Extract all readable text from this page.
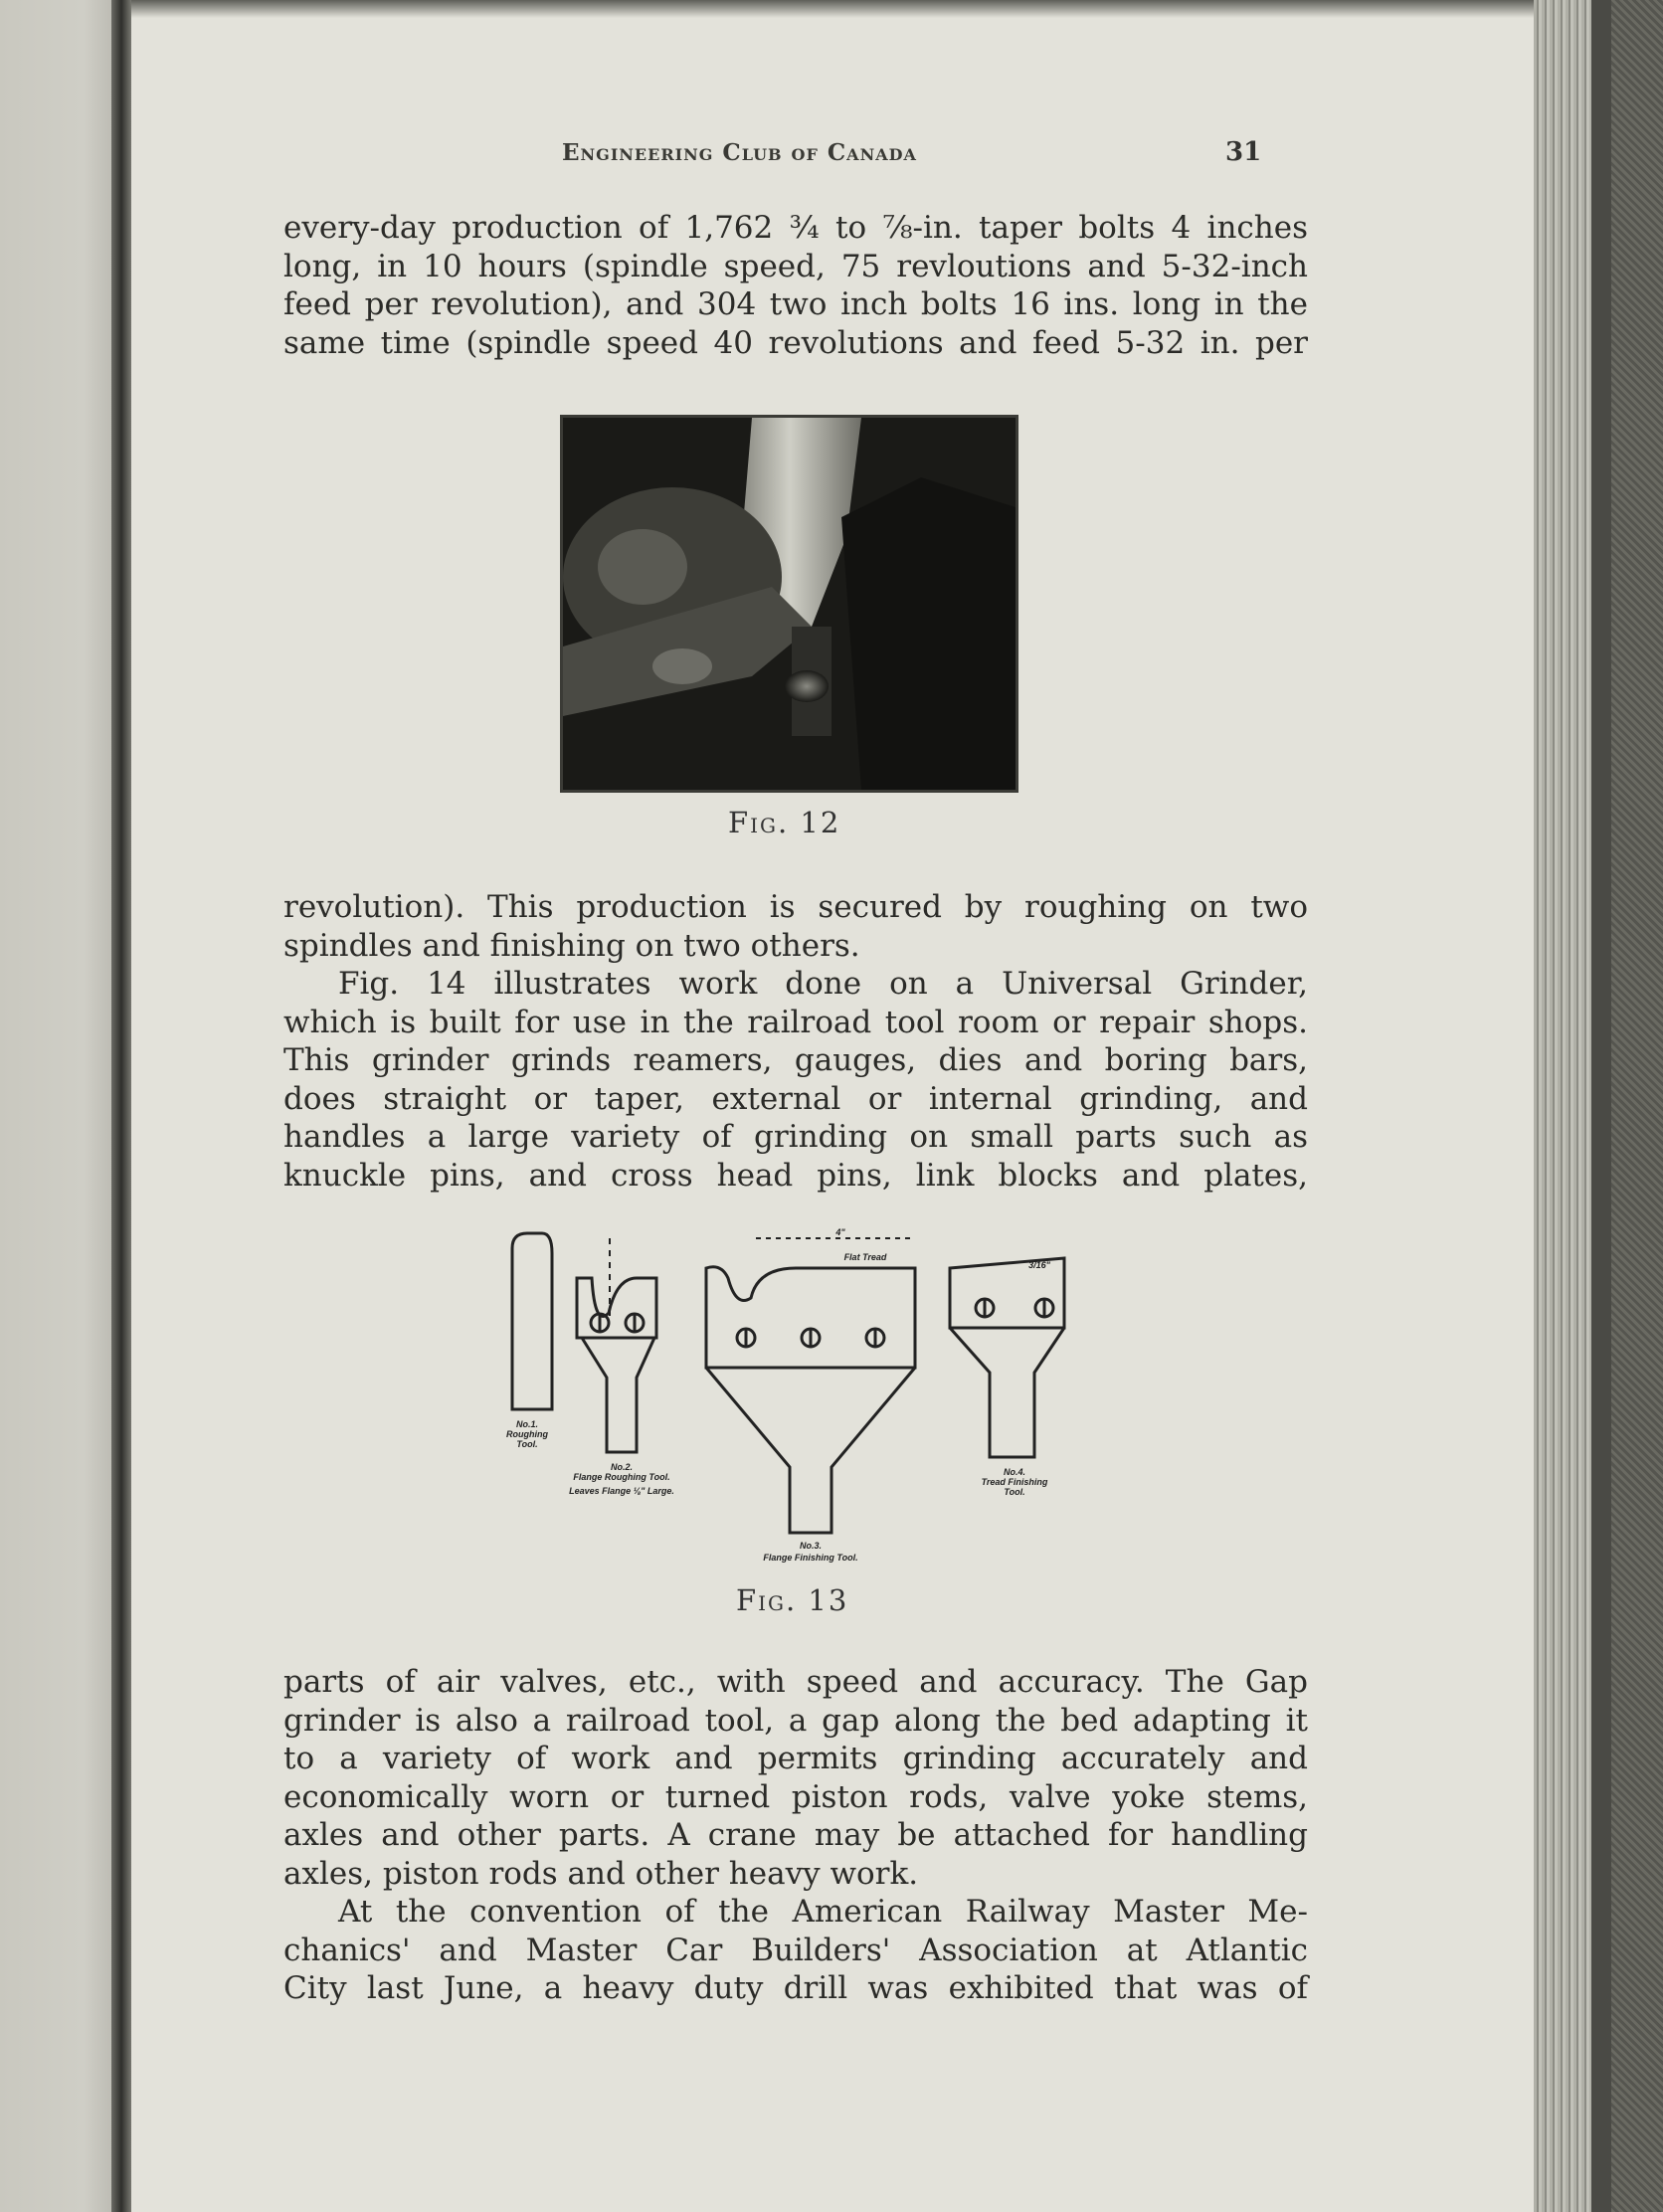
Engineering Club of Canada	31

every-day production of 1,762 ¾ to ⅞-in. taper bolts 4 inches
long, in 10 hours (spindle speed, 75 revloutions and 5-32-inch
feed per revolution), and 304 two inch bolts 16 ins. long in the
same time (spindle speed 40 revolutions and feed 5-32 in. per

Fig. 12

revolution). This production is secured by roughing on two
spindles and finishing on two others.
Fig. 14 illustrates work done on a Universal Grinder,
which is built for use in the railroad tool room or repair shops.
This grinder grinds reamers, gauges, dies and boring bars,
does straight or taper, external or internal grinding, and
handles a large variety of grinding on small parts such as
knuckle pins, and cross head pins, link blocks and plates,

No.1.
Roughing
Tool.
No.2.
Flange Roughing Tool.
Leaves Flange ⅛" Large.
No.3.
Flange Finishing Tool.
No.4.
Tread Finishing
Tool.
Flat Tread
4"
3/16"
Fig. 13

parts of air valves, etc., with speed and accuracy. The Gap
grinder is also a railroad tool, a gap along the bed adapting it
to a variety of work and permits grinding accurately and
economically worn or turned piston rods, valve yoke stems,
axles and other parts. A crane may be attached for handling
axles, piston rods and other heavy work.
At the convention of the American Railway Master Me-
chanics' and Master Car Builders' Association at Atlantic
City last June, a heavy duty drill was exhibited that was of
